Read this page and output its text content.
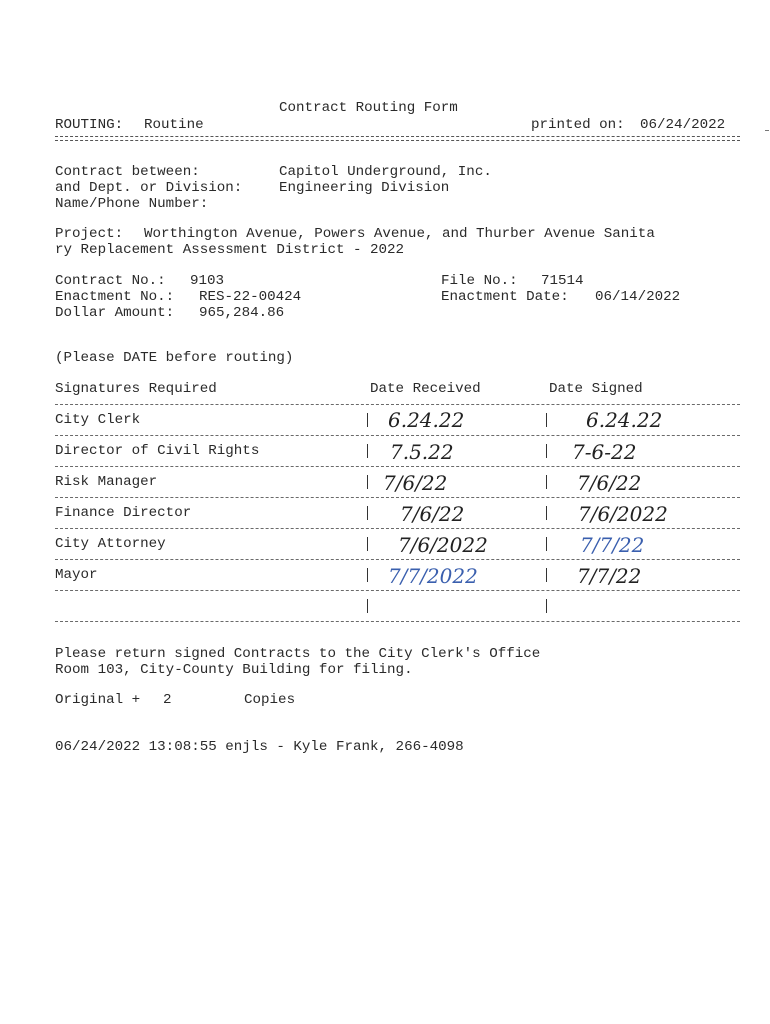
Contract Routing Form
ROUTING: Routine	printed on: 06/24/2022
Contract between:	Capitol Underground, Inc.
and Dept. or Division:	Engineering Division
Name/Phone Number:
Project: Worthington Avenue, Powers Avenue, and Thurber Avenue Sanita
ry Replacement Assessment District - 2022
Contract No.: 9103
Enactment No.: RES-22-00424
Dollar Amount: 965,284.86
File No.: 71514
Enactment Date: 06/14/2022
(Please DATE before routing)
Signatures Required	Date Received	Date Signed
City Clerk	6.24.22	6.24.22
Director of Civil Rights	7.5.22	7-6-22
Risk Manager	7/6/22	7/6/22
Finance Director	7/6/22	7/6/2022
City Attorney	7/6/2022	7/7/22
Mayor	7/7/2022	7/7/22
Please return signed Contracts to the City Clerk's Office
Room 103, City-County Building for filing.
Original + 2	Copies
06/24/2022 13:08:55 enjls - Kyle Frank, 266-4098
